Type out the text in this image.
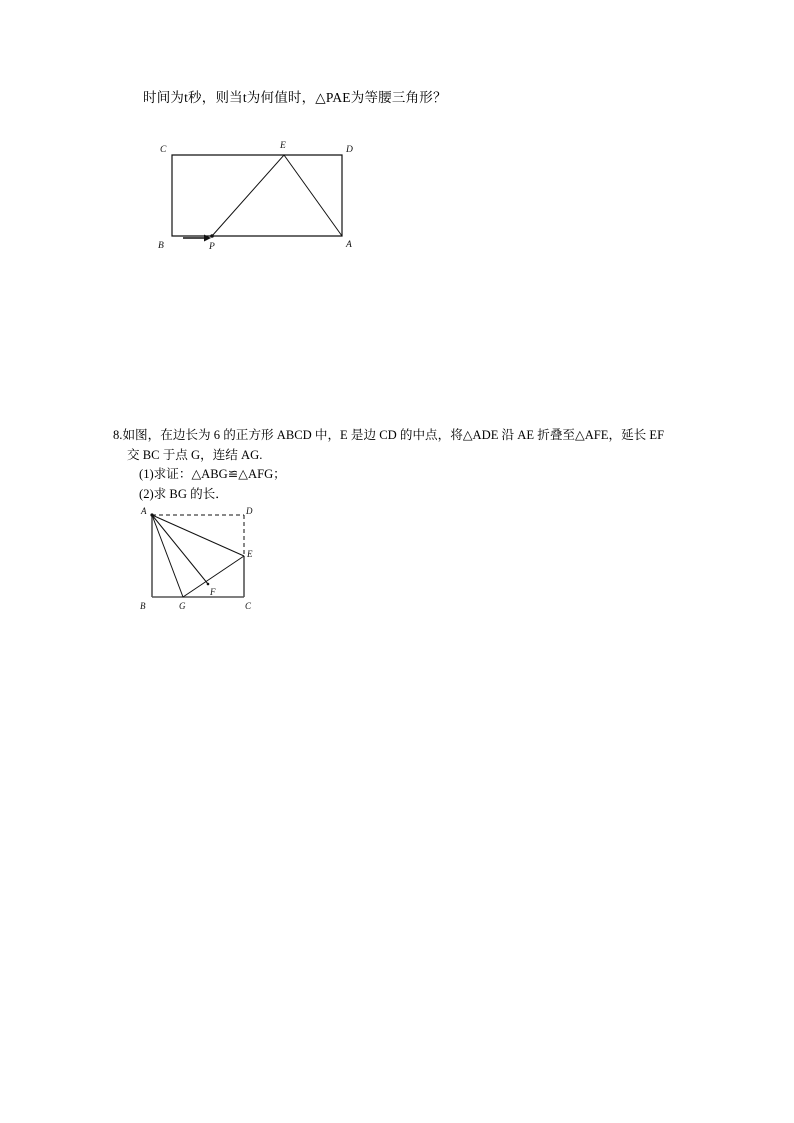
时间为t秒，则当t为何值时，△PAE为等腰三角形？
C	D
E
B	P	A
8.如图，在边长为 6 的正方形 ABCD 中，E 是边 CD 的中点，将△ADE 沿 AE 折叠至△AFE，延长 EF
交 BC 于点 G，连结 AG.
(1)求证：△ABG≌△AFG；
(2)求 BG 的长．
A	D
E
F
B	G	C
